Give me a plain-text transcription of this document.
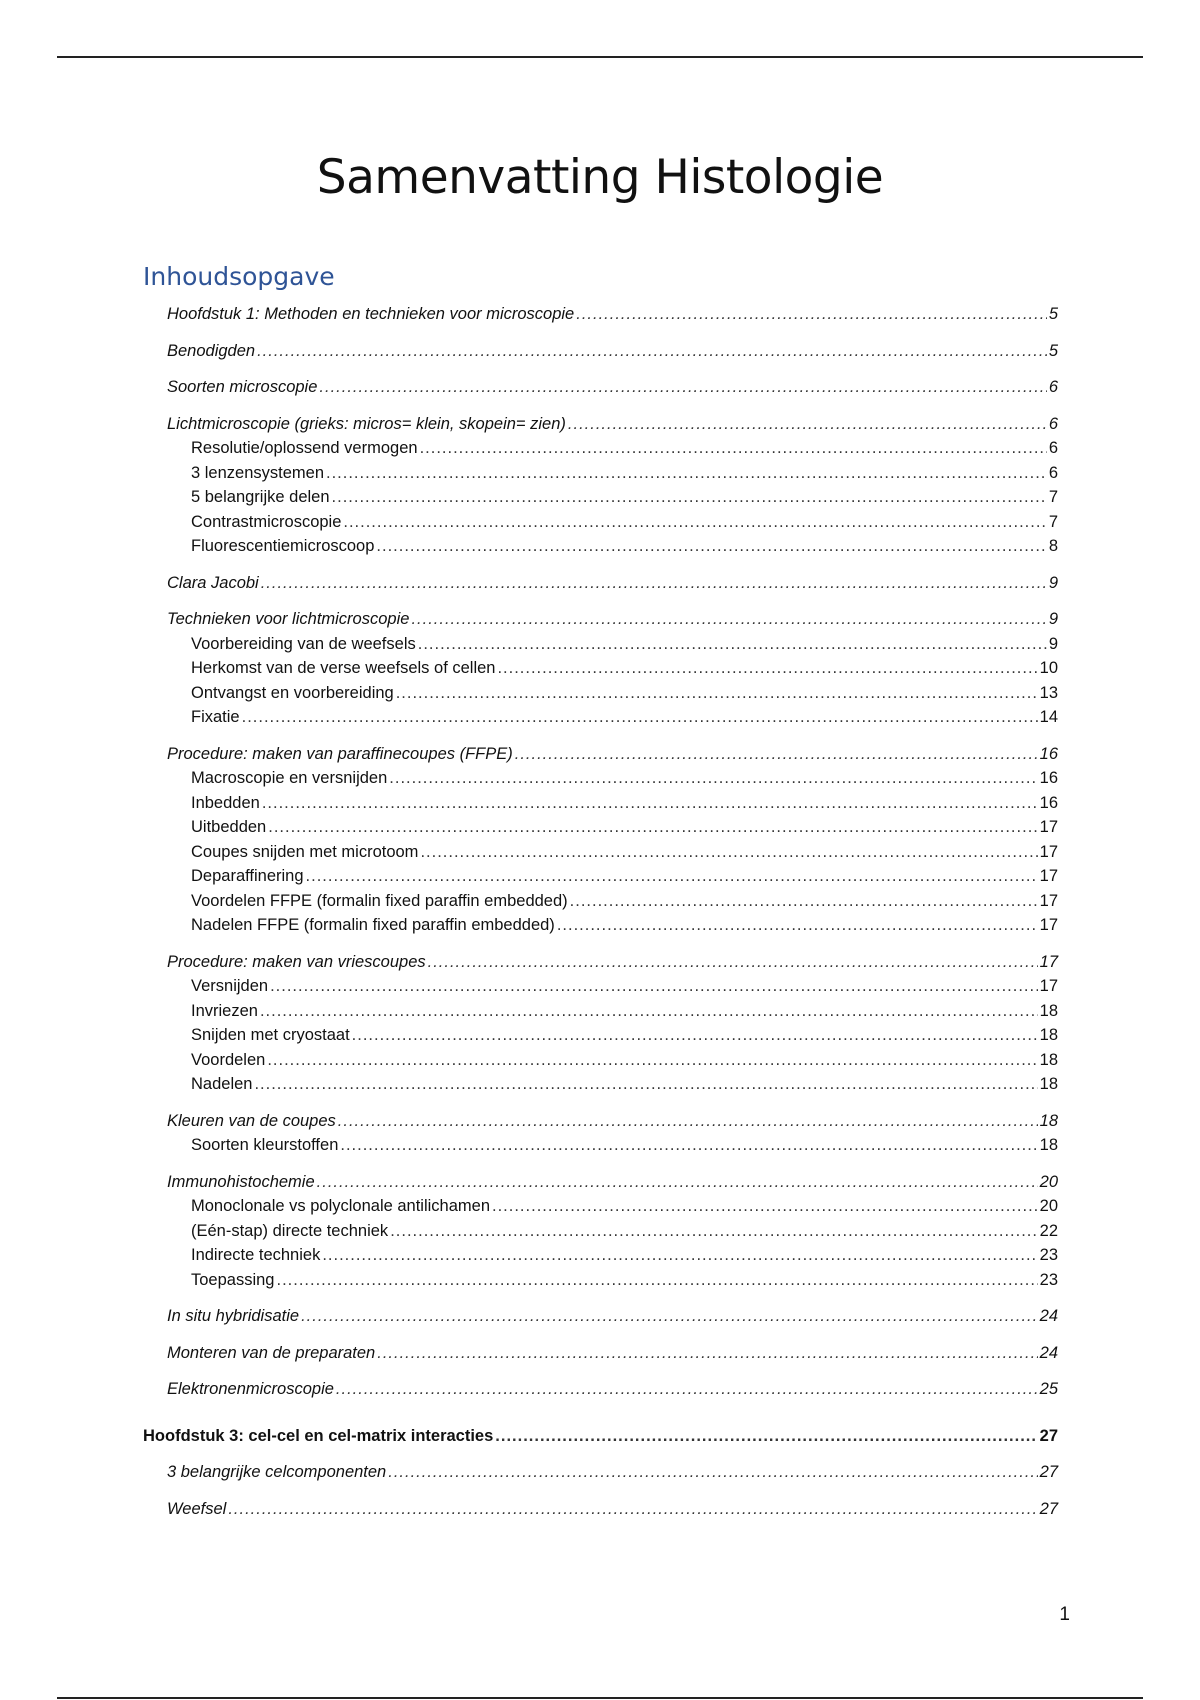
Samenvatting Histologie
Inhoudsopgave
Hoofdstuk 1: Methoden en technieken voor microscopie .....	5
Benodigden .....	5
Soorten microscopie .....	6
Lichtmicroscopie (grieks: micros= klein, skopein= zien) .....	6
Resolutie/oplossend vermogen .....	6
3 lenzensystemen .....	6
5 belangrijke delen .....	7
Contrastmicroscopie .....	7
Fluorescentiemicroscoop .....	8
Clara Jacobi .....	9
Technieken voor lichtmicroscopie .....	9
Voorbereiding van de weefsels .....	9
Herkomst van de verse weefsels of cellen .....	10
Ontvangst en voorbereiding .....	13
Fixatie .....	14
Procedure: maken van paraffinecoupes (FFPE) .....	16
Macroscopie en versnijden .....	16
Inbedden .....	16
Uitbedden .....	17
Coupes snijden met microtoom .....	17
Deparaffinering .....	17
Voordelen FFPE (formalin fixed paraffin embedded) .....	17
Nadelen FFPE (formalin fixed paraffin embedded) .....	17
Procedure: maken van vriescoupes .....	17
Versnijden .....	17
Invriezen .....	18
Snijden met cryostaat .....	18
Voordelen .....	18
Nadelen .....	18
Kleuren van de coupes .....	18
Soorten kleurstoffen .....	18
Immunohistochemie .....	20
Monoclonale vs polyclonale antilichamen .....	20
(Eén-stap) directe techniek .....	22
Indirecte techniek .....	23
Toepassing .....	23
In situ hybridisatie .....	24
Monteren van de preparaten .....	24
Elektronenmicroscopie .....	25
Hoofdstuk 3: cel-cel en cel-matrix interacties .....	27
3 belangrijke celcomponenten .....	27
Weefsel .....	27
1
